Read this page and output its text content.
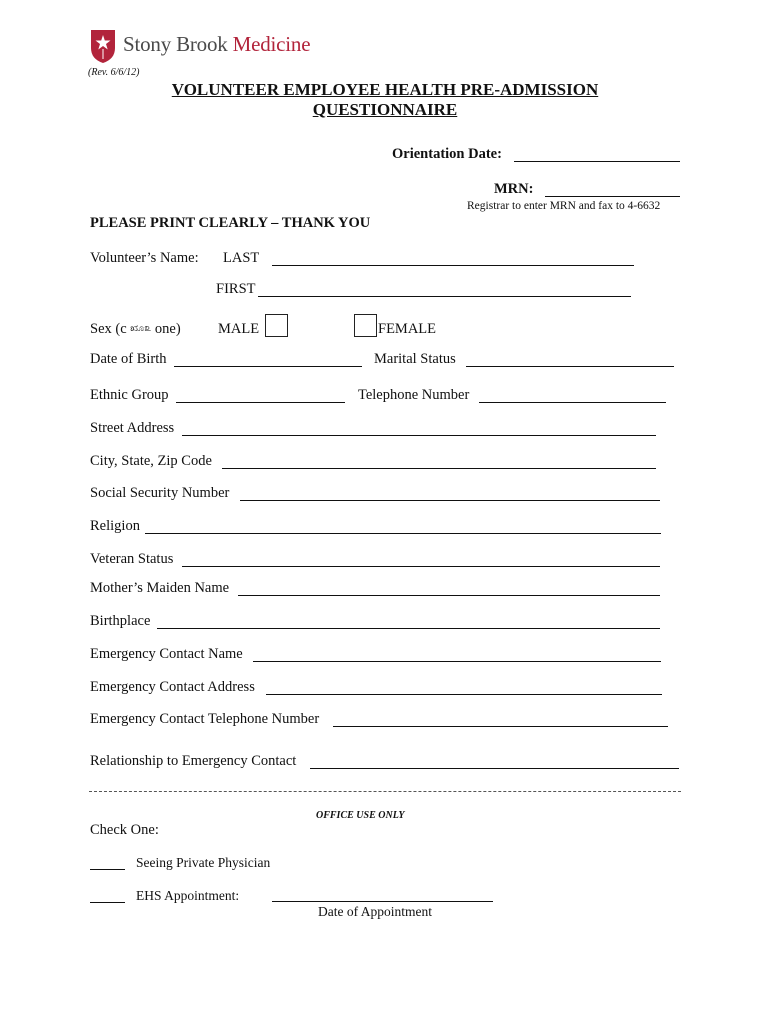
Stony Brook Medicine
(Rev. 6/6/12)
VOLUNTEER EMPLOYEE HEALTH PRE-ADMISSION
QUESTIONNAIRE
Orientation Date:
MRN:
Registrar to enter MRN and fax to 4-6632
PLEASE PRINT CLEARLY – THANK YOU
Volunteer’s Name: LAST
FIRST
Sex (c ೠ௨ one)	MALE	FEMALE
Date of Birth	Marital Status
Ethnic Group	Telephone Number
Street Address
City, State, Zip Code
Social Security Number
Religion
Veteran Status
Mother’s Maiden Name
Birthplace
Emergency Contact Name
Emergency Contact Address
Emergency Contact Telephone Number
Relationship to Emergency Contact
OFFICE USE ONLY
Check One:
Seeing Private Physician
EHS Appointment:
Date of Appointment
